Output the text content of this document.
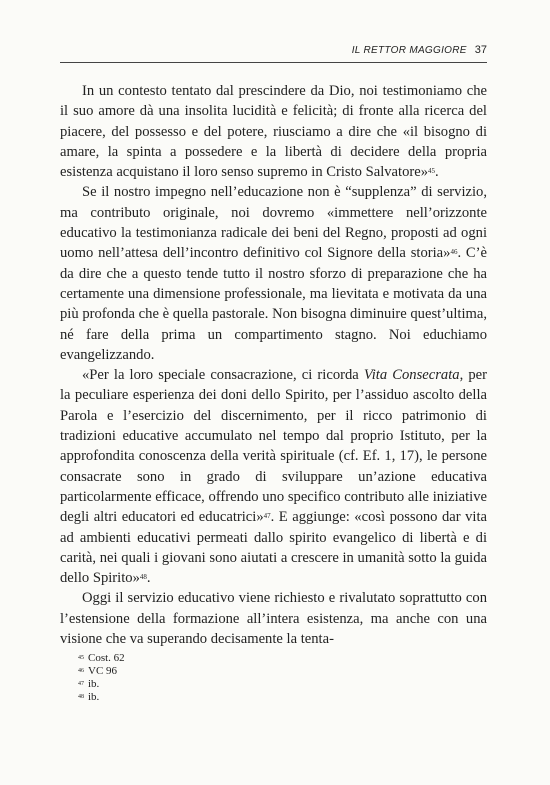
IL RETTOR MAGGIORE 37

In un contesto tentato dal prescindere da Dio, noi testimoniamo che il suo amore dà una insolita lucidità e felicità; di fronte alla ricerca del piacere, del possesso e del potere, riusciamo a dire che «il bisogno di amare, la spinta a possedere e la libertà di decidere della propria esistenza acquistano il loro senso supremo in Cristo Salvatore»$^{45}$.

Se il nostro impegno nell’educazione non è “supplenza” di servizio, ma contributo originale, noi dovremo «immettere nell’orizzonte educativo la testimonianza radicale dei beni del Regno, proposti ad ogni uomo nell’attesa dell’incontro definitivo col Signore della storia»$^{46}$. C’è da dire che a questo tende tutto il nostro sforzo di preparazione che ha certamente una dimensione professionale, ma lievitata e motivata da una più profonda che è quella pastorale. Non bisogna diminuire quest’ultima, né fare della prima un compartimento stagno. Noi educhiamo evangelizzando.

«Per la loro speciale consacrazione, ci ricorda Vita Consecrata, per la peculiare esperienza dei doni dello Spirito, per l’assiduo ascolto della Parola e l’esercizio del discernimento, per il ricco patrimonio di tradizioni educative accumulato nel tempo dal proprio Istituto, per la approfondita conoscenza della verità spirituale (cf. Ef. 1, 17), le persone consacrate sono in grado di sviluppare un’azione educativa particolarmente efficace, offrendo uno specifico contributo alle iniziative degli altri educatori ed educatrici»$^{47}$. E aggiunge: «così possono dar vita ad ambienti educativi permeati dallo spirito evangelico di libertà e di carità, nei quali i giovani sono aiutati a crescere in umanità sotto la guida dello Spirito»$^{48}$.

Oggi il servizio educativo viene richiesto e rivalutato soprattutto con l’estensione della formazione all’intera esistenza, ma anche con una visione che va superando decisamente la tenta-

$^{45}$ Cost. 62
$^{46}$ VC 96
$^{47}$ ib.
$^{48}$ ib.
